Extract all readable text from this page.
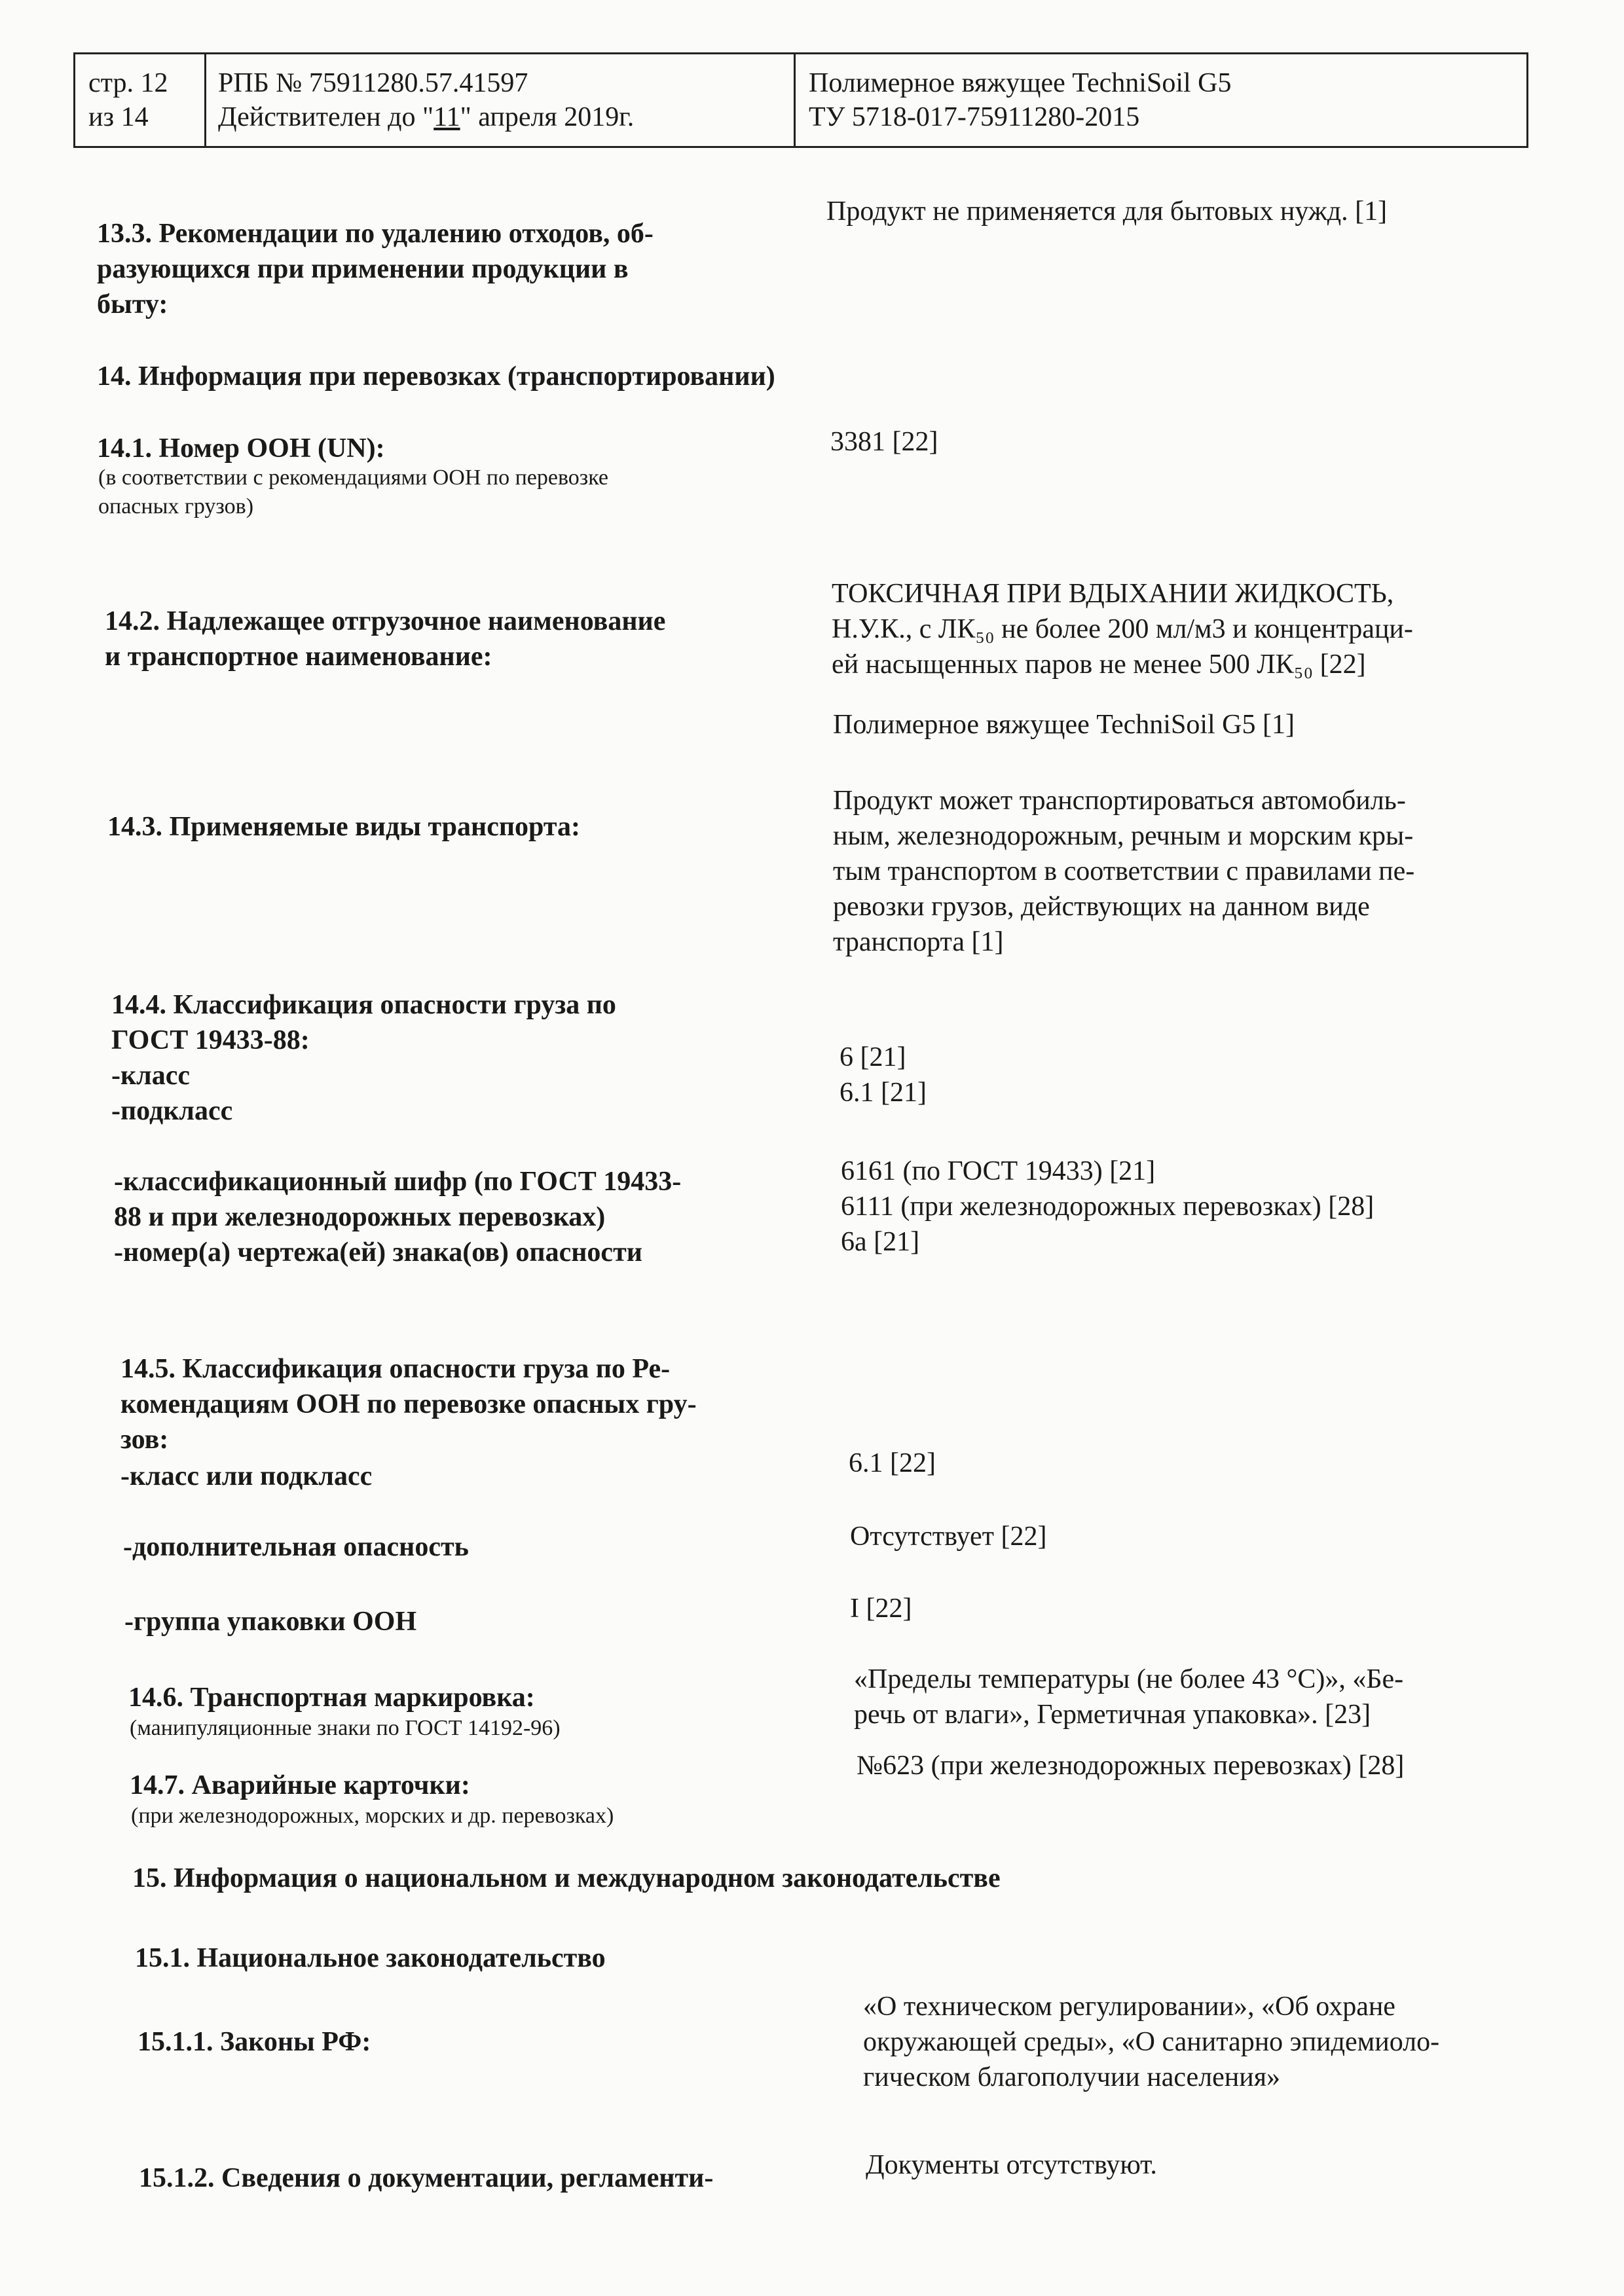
стр. 12
из 14
РПБ № 75911280.57.41597
Действителен до "11" апреля 2019г.
Полимерное вяжущее TechniSoil G5
ТУ 5718-017-75911280-2015
13.3. Рекомендации по удалению отходов, об-
разующихся при применении продукции в
быту:
Продукт не применяется для бытовых нужд. [1]
14. Информация при перевозках (транспортировании)
14.1. Номер ООН (UN):
(в соответствии с рекомендациями ООН по перевозке
опасных грузов)
3381 [22]
14.2. Надлежащее отгрузочное наименование
и транспортное наименование:
ТОКСИЧНАЯ ПРИ ВДЫХАНИИ ЖИДКОСТЬ,
Н.У.К., с ЛК₅₀ не более 200 мл/м3 и концентраци-
ей насыщенных паров не менее 500 ЛК₅₀ [22]
Полимерное вяжущее TechniSoil G5 [1]
14.3. Применяемые виды транспорта:
Продукт может транспортироваться автомобиль-
ным, железнодорожным, речным и морским кры-
тым транспортом в соответствии с правилами пе-
ревозки грузов, действующих на данном виде
транспорта [1]
14.4. Классификация опасности груза по
ГОСТ 19433-88:
-класс
-подкласс
-классификационный шифр (по ГОСТ 19433-
88 и при железнодорожных перевозках)
-номер(а) чертежа(ей) знака(ов) опасности
6 [21]
6.1 [21]
6161 (по ГОСТ 19433) [21]
6111 (при железнодорожных перевозках) [28]
6а [21]
14.5. Классификация опасности груза по Ре-
комендациям ООН по перевозке опасных гру-
зов:
-класс или подкласс
-дополнительная опасность
-группа упаковки ООН
6.1 [22]
Отсутствует [22]
I [22]
14.6. Транспортная маркировка:
(манипуляционные знаки по ГОСТ 14192-96)
«Пределы температуры (не более 43 °С)», «Бе-
речь от влаги», Герметичная упаковка». [23]
14.7. Аварийные карточки:
(при железнодорожных, морских и др. перевозках)
№623 (при железнодорожных перевозках) [28]
15. Информация о национальном и международном законодательстве
15.1. Национальное законодательство
15.1.1. Законы РФ:
«О техническом регулировании», «Об охране
окружающей среды», «О санитарно эпидемиоло-
гическом благополучии населения»
15.1.2. Сведения о документации, регламенти-	Документы отсутствуют.
